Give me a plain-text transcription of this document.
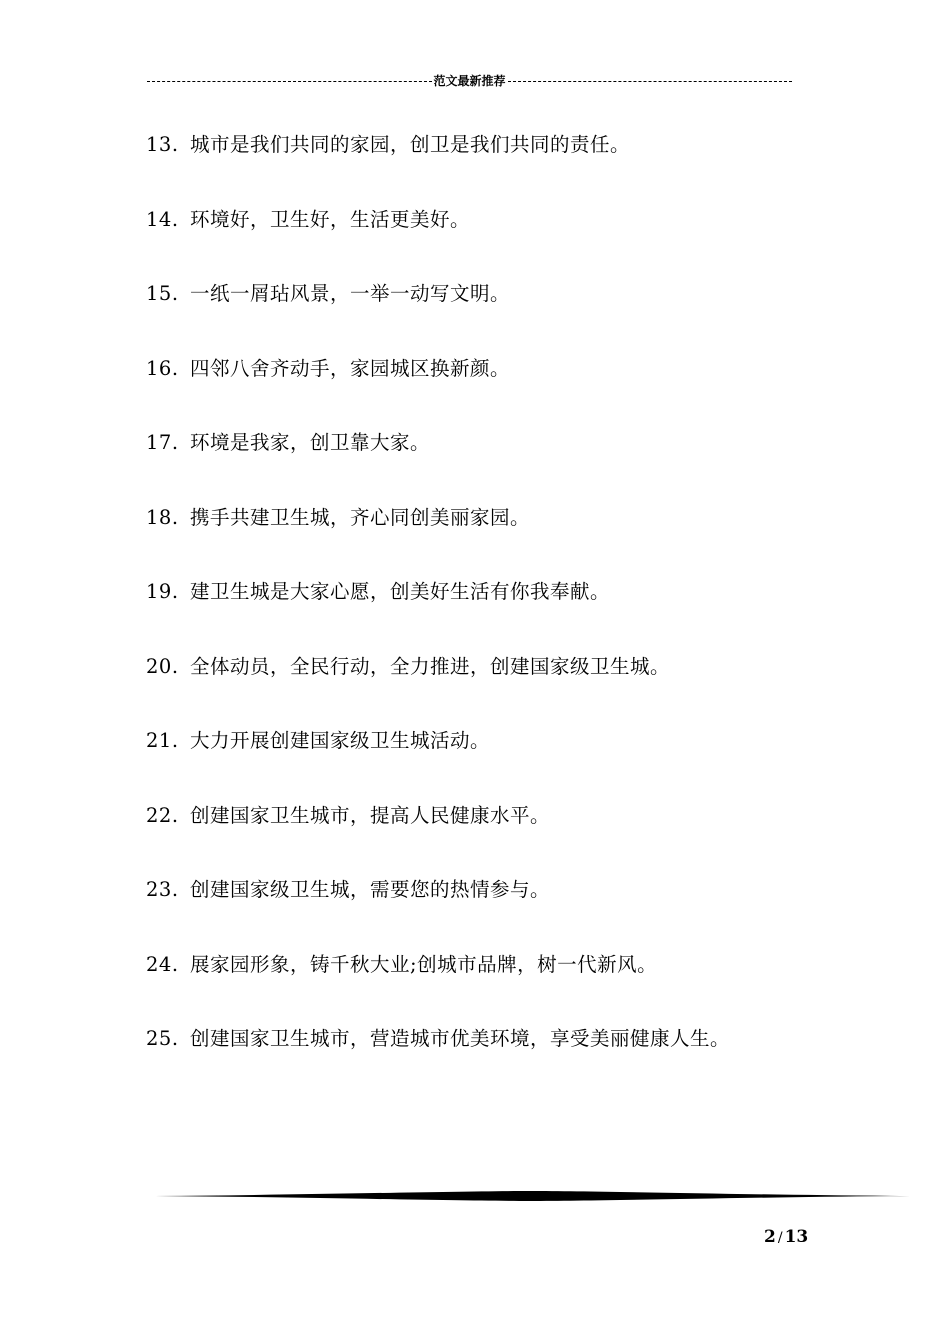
范文最新推荐
13. 城市是我们共同的家园，创卫是我们共同的责任。
14. 环境好，卫生好，生活更美好。
15. 一纸一屑玷风景，一举一动写文明。
16. 四邻八舍齐动手，家园城区换新颜。
17. 环境是我家，创卫靠大家。
18. 携手共建卫生城，齐心同创美丽家园。
19. 建卫生城是大家心愿，创美好生活有你我奉献。
20. 全体动员，全民行动，全力推进，创建国家级卫生城。
21. 大力开展创建国家级卫生城活动。
22. 创建国家卫生城市，提高人民健康水平。
23. 创建国家级卫生城，需要您的热情参与。
24. 展家园形象，铸千秋大业;创城市品牌，树一代新风。
25. 创建国家卫生城市，营造城市优美环境，享受美丽健康人生。
2 / 13
